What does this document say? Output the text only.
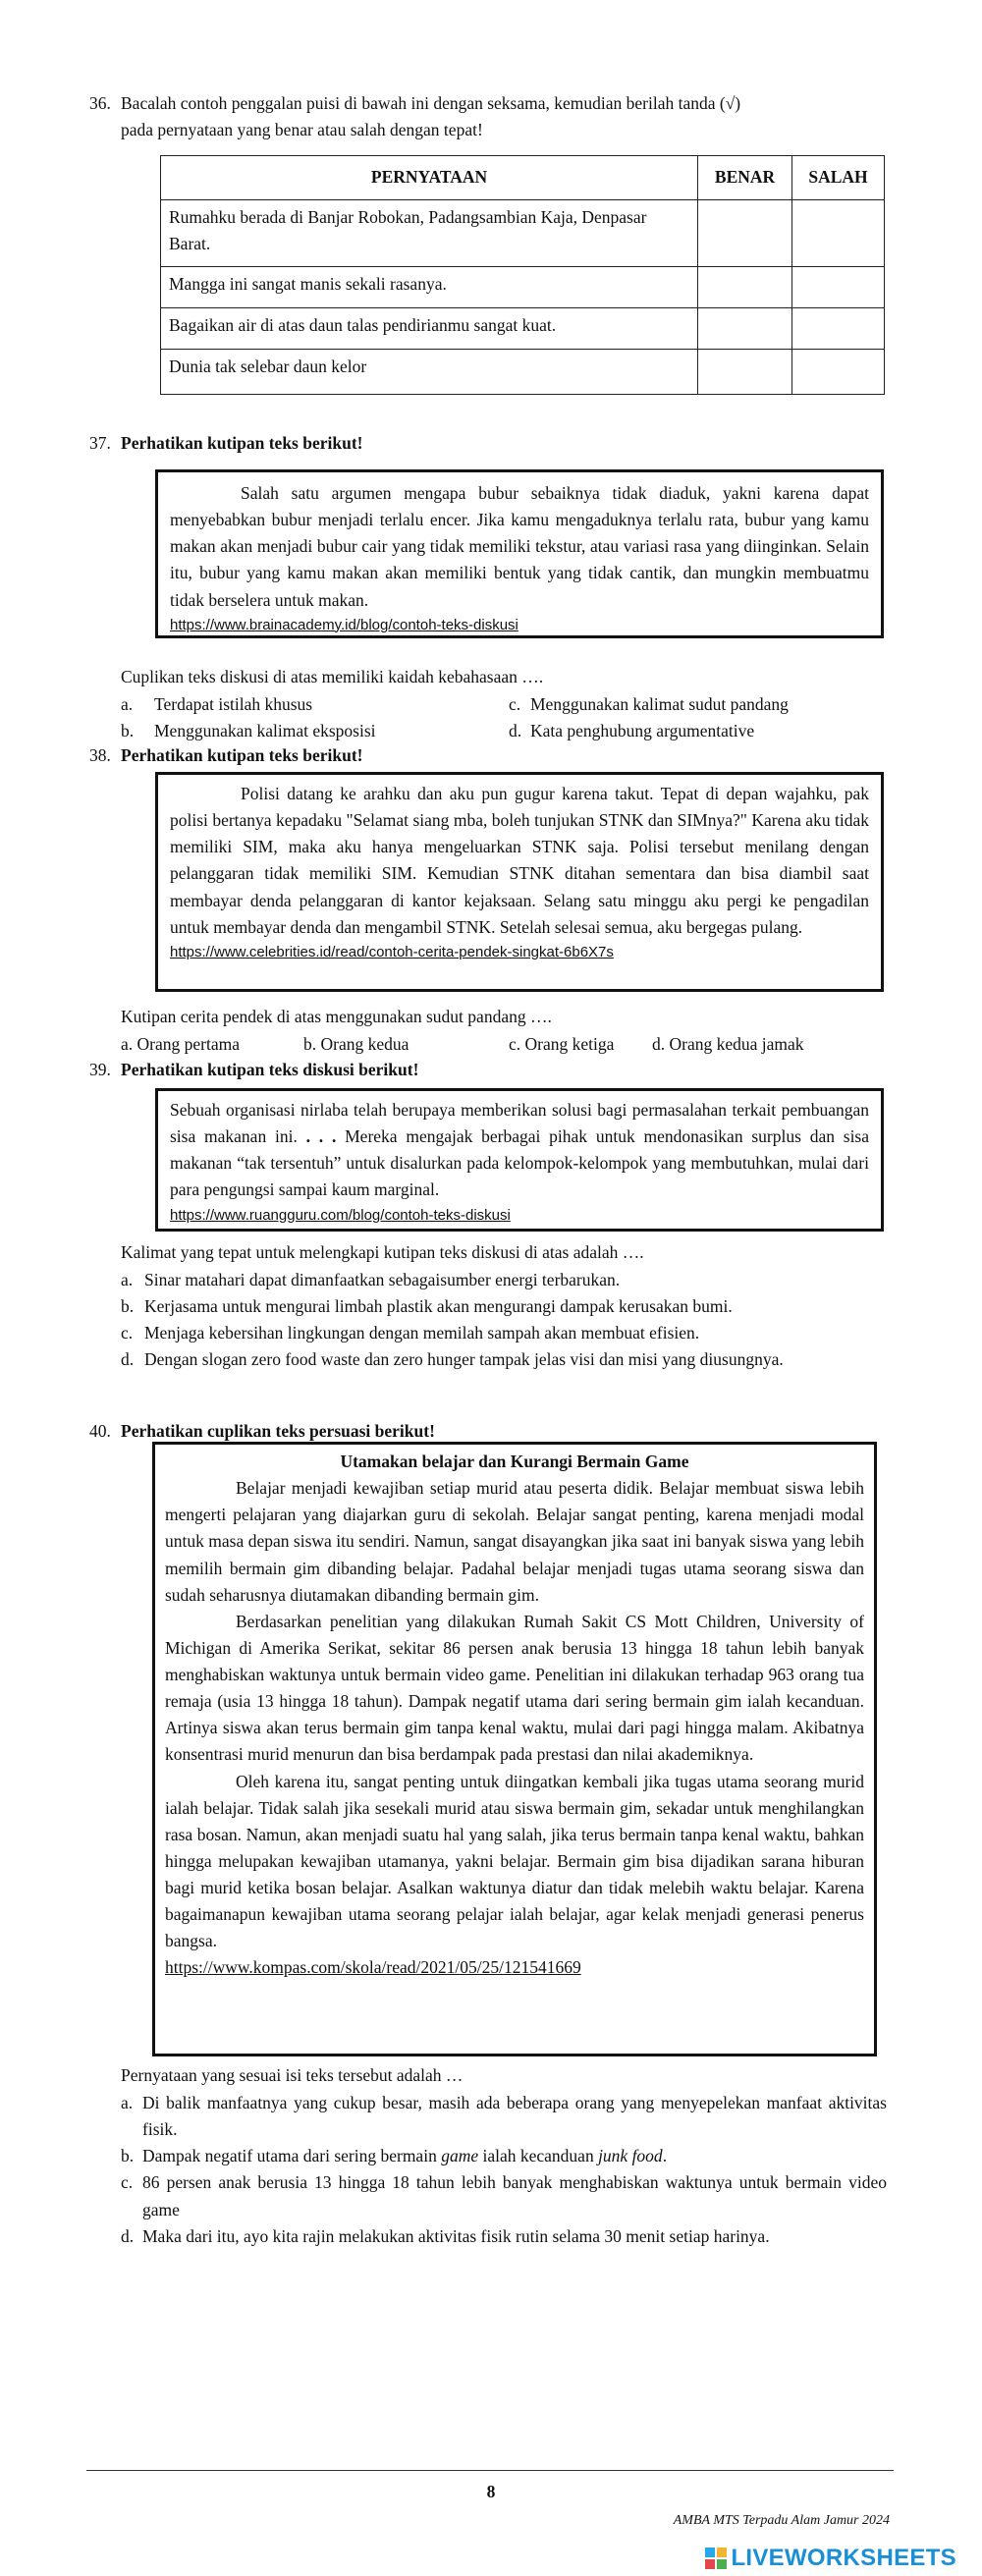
36. Bacalah contoh penggalan puisi di bawah ini dengan seksama, kemudian berilah tanda (√)
pada pernyataan yang benar atau salah dengan tepat!
PERNYATAAN	BENAR	SALAH
Rumahku berada di Banjar Robokan, Padangsambian Kaja, Denpasar Barat.		
Mangga ini sangat manis sekali rasanya.		
Bagaikan air di atas daun talas pendirianmu sangat kuat.		
Dunia tak selebar daun kelor		
37. Perhatikan kutipan teks berikut!

Salah satu argumen mengapa bubur sebaiknya tidak diaduk, yakni karena dapat menyebabkan bubur menjadi terlalu encer. Jika kamu mengaduknya terlalu rata, bubur yang kamu makan akan menjadi bubur cair yang tidak memiliki tekstur, atau variasi rasa yang diinginkan. Selain itu, bubur yang kamu makan akan memiliki bentuk yang tidak cantik, dan mungkin membuatmu tidak berselera untuk makan.

https://www.brainacademy.id/blog/contoh-teks-diskusi
Cuplikan teks diskusi di atas memiliki kaidah kebahasaan ….
a. Terdapat istilah khusus	c. Menggunakan kalimat sudut pandang
b. Menggunakan kalimat eksposisi	d. Kata penghubung argumentative
38. Perhatikan kutipan teks berikut!

Polisi datang ke arahku dan aku pun gugur karena takut. Tepat di depan wajahku, pak polisi bertanya kepadaku "Selamat siang mba, boleh tunjukan STNK dan SIMnya?" Karena aku tidak memiliki SIM, maka aku hanya mengeluarkan STNK saja. Polisi tersebut menilang dengan pelanggaran tidak memiliki SIM. Kemudian STNK ditahan sementara dan bisa diambil saat membayar denda pelanggaran di kantor kejaksaan. Selang satu minggu aku pergi ke pengadilan untuk membayar denda dan mengambil STNK. Setelah selesai semua, aku bergegas pulang.

https://www.celebrities.id/read/contoh-cerita-pendek-singkat-6b6X7s
Kutipan cerita pendek di atas menggunakan sudut pandang ….
a. Orang pertama	b. Orang kedua	c. Orang ketiga d. Orang kedua jamak
39. Perhatikan kutipan teks diskusi berikut!

Sebuah organisasi nirlaba telah berupaya memberikan solusi bagi permasalahan terkait pembuangan sisa makanan ini. . . . Mereka mengajak berbagai pihak untuk mendonasikan surplus dan sisa makanan “tak tersentuh” untuk disalurkan pada kelompok-kelompok yang membutuhkan, mulai dari para pengungsi sampai kaum marginal.

https://www.ruangguru.com/blog/contoh-teks-diskusi
Kalimat yang tepat untuk melengkapi kutipan teks diskusi di atas adalah ….
a. Sinar matahari dapat dimanfaatkan sebagaisumber energi terbarukan.
b. Kerjasama untuk mengurai limbah plastik akan mengurangi dampak kerusakan bumi.
c. Menjaga kebersihan lingkungan dengan memilah sampah akan membuat efisien.
d. Dengan slogan zero food waste dan zero hunger tampak jelas visi dan misi yang diusungnya.
40. Perhatikan cuplikan teks persuasi berikut!
Utamakan belajar dan Kurangi Bermain Game

Belajar menjadi kewajiban setiap murid atau peserta didik. Belajar membuat siswa lebih mengerti pelajaran yang diajarkan guru di sekolah. Belajar sangat penting, karena menjadi modal untuk masa depan siswa itu sendiri. Namun, sangat disayangkan jika saat ini banyak siswa yang lebih memilih bermain gim dibanding belajar. Padahal belajar menjadi tugas utama seorang siswa dan sudah seharusnya diutamakan dibanding bermain gim.

Berdasarkan penelitian yang dilakukan Rumah Sakit CS Mott Children, University of Michigan di Amerika Serikat, sekitar 86 persen anak berusia 13 hingga 18 tahun lebih banyak menghabiskan waktunya untuk bermain video game. Penelitian ini dilakukan terhadap 963 orang tua remaja (usia 13 hingga 18 tahun). Dampak negatif utama dari sering bermain gim ialah kecanduan. Artinya siswa akan terus bermain gim tanpa kenal waktu, mulai dari pagi hingga malam. Akibatnya konsentrasi murid menurun dan bisa berdampak pada prestasi dan nilai akademiknya.

Oleh karena itu, sangat penting untuk diingatkan kembali jika tugas utama seorang murid ialah belajar. Tidak salah jika sesekali murid atau siswa bermain gim, sekadar untuk menghilangkan rasa bosan. Namun, akan menjadi suatu hal yang salah, jika terus bermain tanpa kenal waktu, bahkan hingga melupakan kewajiban utamanya, yakni belajar. Bermain gim bisa dijadikan sarana hiburan bagi murid ketika bosan belajar. Asalkan waktunya diatur dan tidak melebih waktu belajar. Karena bagaimanapun kewajiban utama seorang pelajar ialah belajar, agar kelak menjadi generasi penerus bangsa.

https://www.kompas.com/skola/read/2021/05/25/121541669
Pernyataan yang sesuai isi teks tersebut adalah …
a. Di balik manfaatnya yang cukup besar, masih ada beberapa orang yang menyepelekan manfaat aktivitas fisik.
b. Dampak negatif utama dari sering bermain game ialah kecanduan junk food.
c. 86 persen anak berusia 13 hingga 18 tahun lebih banyak menghabiskan waktunya untuk bermain video game
d. Maka dari itu, ayo kita rajin melakukan aktivitas fisik rutin selama 30 menit setiap harinya.
8
AMBA MTS Terpadu Alam Jamur 2024
LIVEWORKSHEETS
